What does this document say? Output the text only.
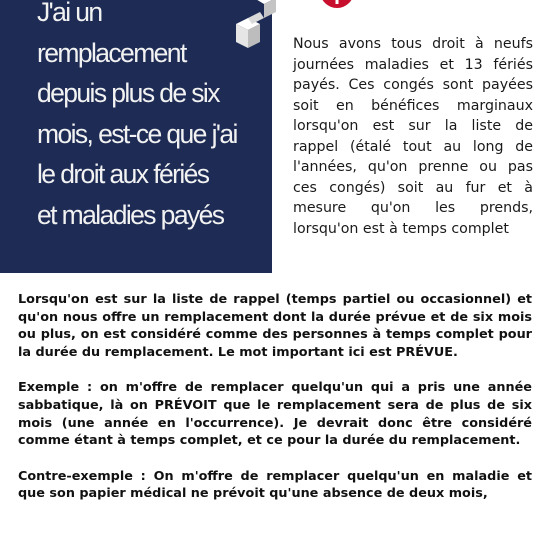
J'ai un
remplacement
depuis plus de six
mois, est-ce que j'ai
le droit aux fériés
et maladies payés

Nous avons tous droit à neufs journées maladies et 13 fériés payés. Ces congés sont payées soit en bénéfices marginaux lorsqu'on est sur la liste de rappel (étalé tout au long de l'années, qu'on prenne ou pas ces congés) soit au fur et à mesure qu'on les prends, lorsqu'on est à temps complet

Lorsqu'on est sur la liste de rappel (temps partiel ou occasionnel) et qu'on nous offre un remplacement dont la durée prévue et de six mois ou plus, on est considéré comme des personnes à temps complet pour la durée du remplacement. Le mot important ici est PRÉVUE.

Exemple : on m'offre de remplacer quelqu'un qui a pris une année sabbatique, là on PRÉVOIT que le remplacement sera de plus de six mois (une année en l'occurrence). Je devrait donc être considéré comme étant à temps complet, et ce pour la durée du remplacement.

Contre-exemple : On m'offre de remplacer quelqu'un en maladie et que son papier médical ne prévoit qu'une absence de deux mois,
